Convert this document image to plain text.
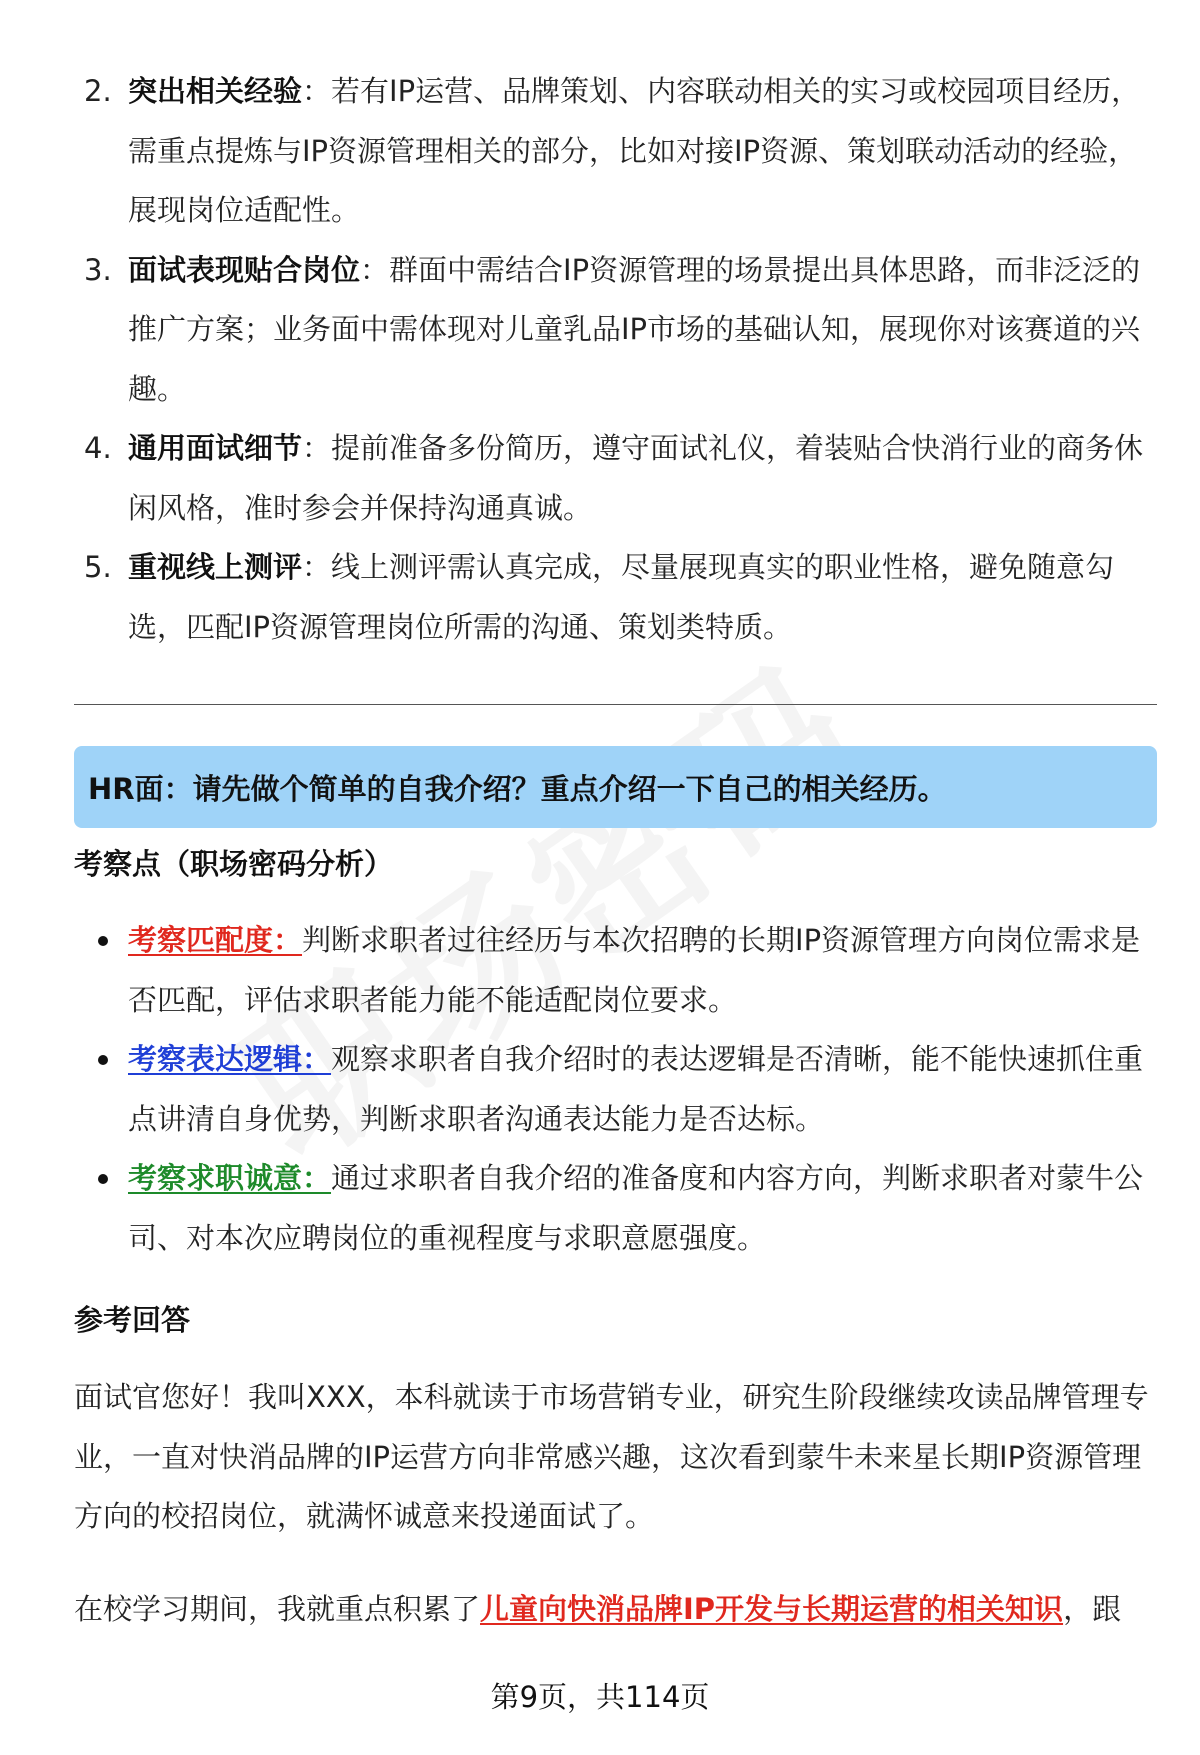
2. 突出相关经验：若有IP运营、品牌策划、内容联动相关的实习或校园项目经历，需重点提炼与IP资源管理相关的部分，比如对接IP资源、策划联动活动的经验，展现岗位适配性。
3. 面试表现贴合岗位：群面中需结合IP资源管理的场景提出具体思路，而非泛泛的推广方案；业务面中需体现对儿童乳品IP市场的基础认知，展现你对该赛道的兴趣。
4. 通用面试细节：提前准备多份简历，遵守面试礼仪，着装贴合快消行业的商务休闲风格，准时参会并保持沟通真诚。
5. 重视线上测评：线上测评需认真完成，尽量展现真实的职业性格，避免随意勾选，匹配IP资源管理岗位所需的沟通、策划类特质。
HR面：请先做个简单的自我介绍？重点介绍一下自己的相关经历。
考察点（职场密码分析）
考察匹配度：判断求职者过往经历与本次招聘的长期IP资源管理方向岗位需求是否匹配，评估求职者能力能不能适配岗位要求。
考察表达逻辑：观察求职者自我介绍时的表达逻辑是否清晰，能不能快速抓住重点讲清自身优势，判断求职者沟通表达能力是否达标。
考察求职诚意：通过求职者自我介绍的准备度和内容方向，判断求职者对蒙牛公司、对本次应聘岗位的重视程度与求职意愿强度。
参考回答

面试官您好！我叫XXX，本科就读于市场营销专业，研究生阶段继续攻读品牌管理专业，一直对快消品牌的IP运营方向非常感兴趣，这次看到蒙牛未来星长期IP资源管理方向的校招岗位，就满怀诚意来投递面试了。

在校学习期间，我就重点积累了儿童向快消品牌IP开发与长期运营的相关知识，跟

第9页，共114页
